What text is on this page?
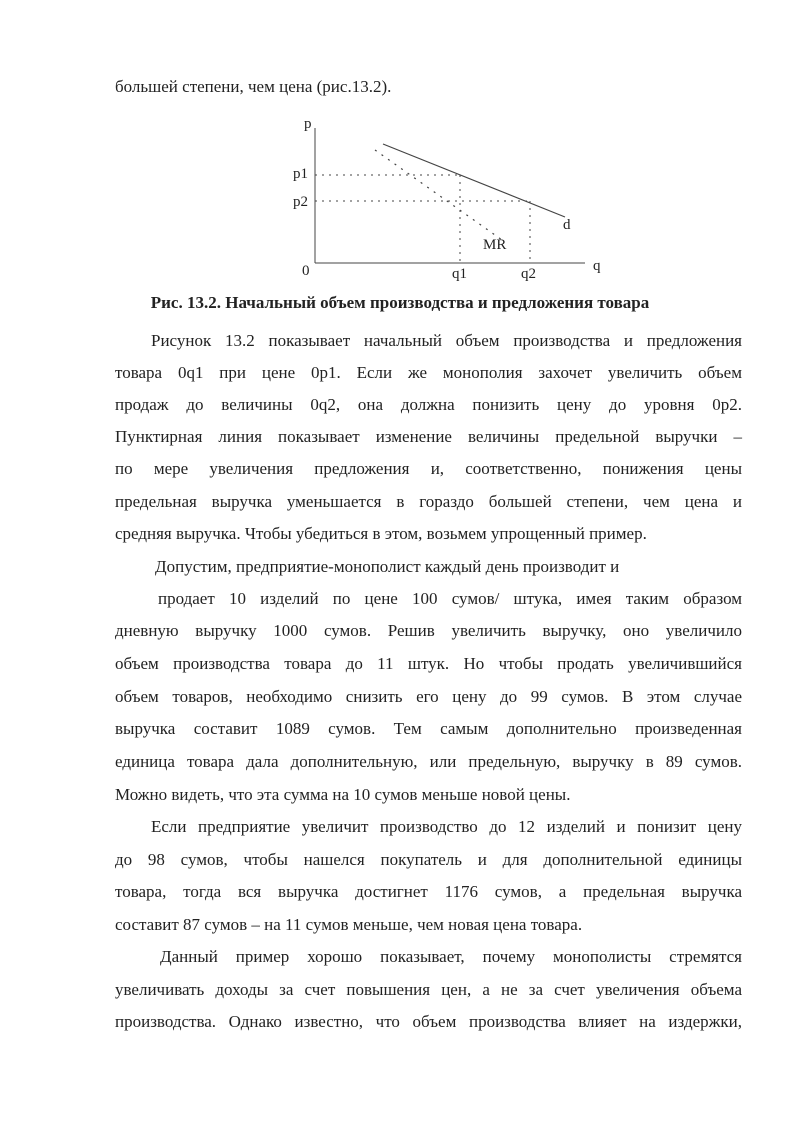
большей степени, чем цена (рис.13.2).
p
p1
p2
0	q1	q2	q
d
MR
Рис. 13.2. Начальный объем производства и предложения товара
Рисунок 13.2 показывает начальный объем производства и предложения
товара 0q1 при цене 0p1. Если же монополия захочет увеличить объем
продаж до величины 0q2, она должна понизить цену до уровня 0p2.
Пунктирная линия показывает изменение величины предельной выручки –
по мере увеличения предложения и, соответственно, понижения цены
предельная выручка уменьшается в гораздо большей степени, чем цена и
средняя выручка. Чтобы убедиться в этом, возьмем упрощенный пример.
Допустим, предприятие-монополист каждый день производит и
продает 10 изделий по цене 100 сумов/ штука, имея таким образом
дневную выручку 1000 сумов. Решив увеличить выручку, оно увеличило
объем производства товара до 11 штук. Но чтобы продать увеличившийся
объем товаров, необходимо снизить его цену до 99 сумов. В этом случае
выручка составит 1089 сумов. Тем самым дополнительно произведенная
единица товара дала дополнительную, или предельную, выручку в 89 сумов.
Можно видеть, что эта сумма на 10 сумов меньше новой цены.
Если предприятие увеличит производство до 12 изделий и понизит цену
до 98 сумов, чтобы нашелся покупатель и для дополнительной единицы
товара, тогда вся выручка достигнет 1176 сумов, а предельная выручка
составит 87 сумов – на 11 сумов меньше, чем новая цена товара.
Данный пример хорошо показывает, почему монополисты стремятся
увеличивать доходы за счет повышения цен, а не за счет увеличения объема
производства. Однако известно, что объем производства влияет на издержки,
